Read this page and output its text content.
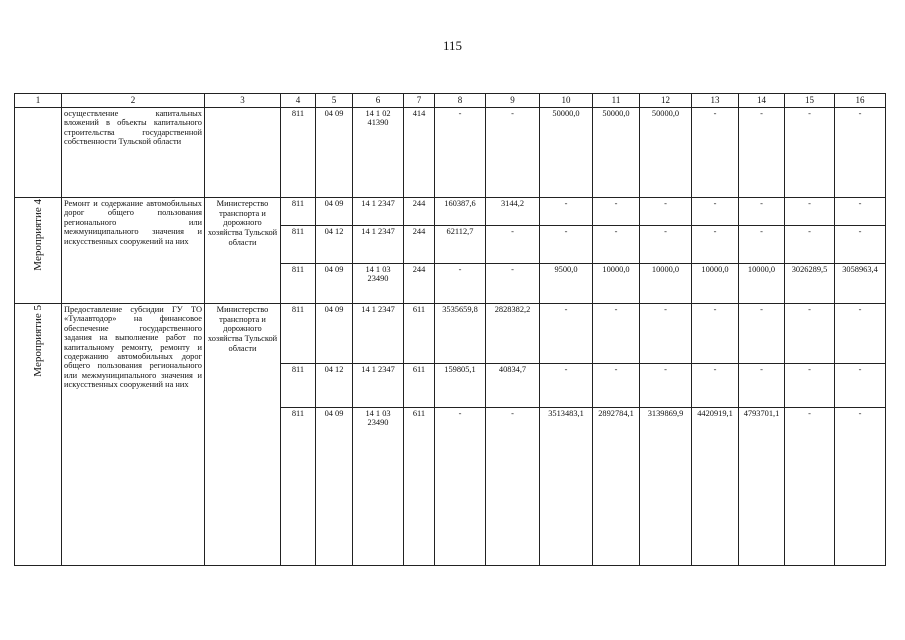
115
1	2	3	4	5	6	7	8	9	10	11	12	13	14	15	16
	осуществление капитальных вложений в объекты капитального строительства государственной собственности Тульской области		811	04 09	14 1 02 41390	414	-	-	50000,0	50000,0	50000,0	-	-	-	-
Мероприятие 4	Ремонт и содержание автомобильных дорог общего пользования регионального или межмуниципального значения и искусственных сооружений на них	Министерство транспорта и дорожного хозяйства Тульской области	811	04 09	14 1 2347	244	160387,6	3144,2	-	-	-	-	-	-	-
			811	04 12	14 1 2347	244	62112,7	-	-	-	-	-	-	-	-
			811	04 09	14 1 03 23490	244	-	-	9500,0	10000,0	10000,0	10000,0	10000,0	3026289,5	3058963,4
Мероприятие 5	Предоставление субсидии ГУ ТО «Тулаавтодор» на финансовое обеспечение государственного задания на выполнение работ по капитальному ремонту, ремонту и содержанию автомобильных дорог общего пользования регионального или межмуниципального значения и искусственных сооружений на них	Министерство транспорта и дорожного хозяйства Тульской области	811	04 09	14 1 2347	611	3535659,8	2828382,2	-	-	-	-	-	-	-
			811	04 12	14 1 2347	611	159805,1	40834,7	-	-	-	-	-	-	-
			811	04 09	14 1 03 23490	611	-	-	3513483,1	2892784,1	3139869,9	4420919,1	4793701,1	-	-
